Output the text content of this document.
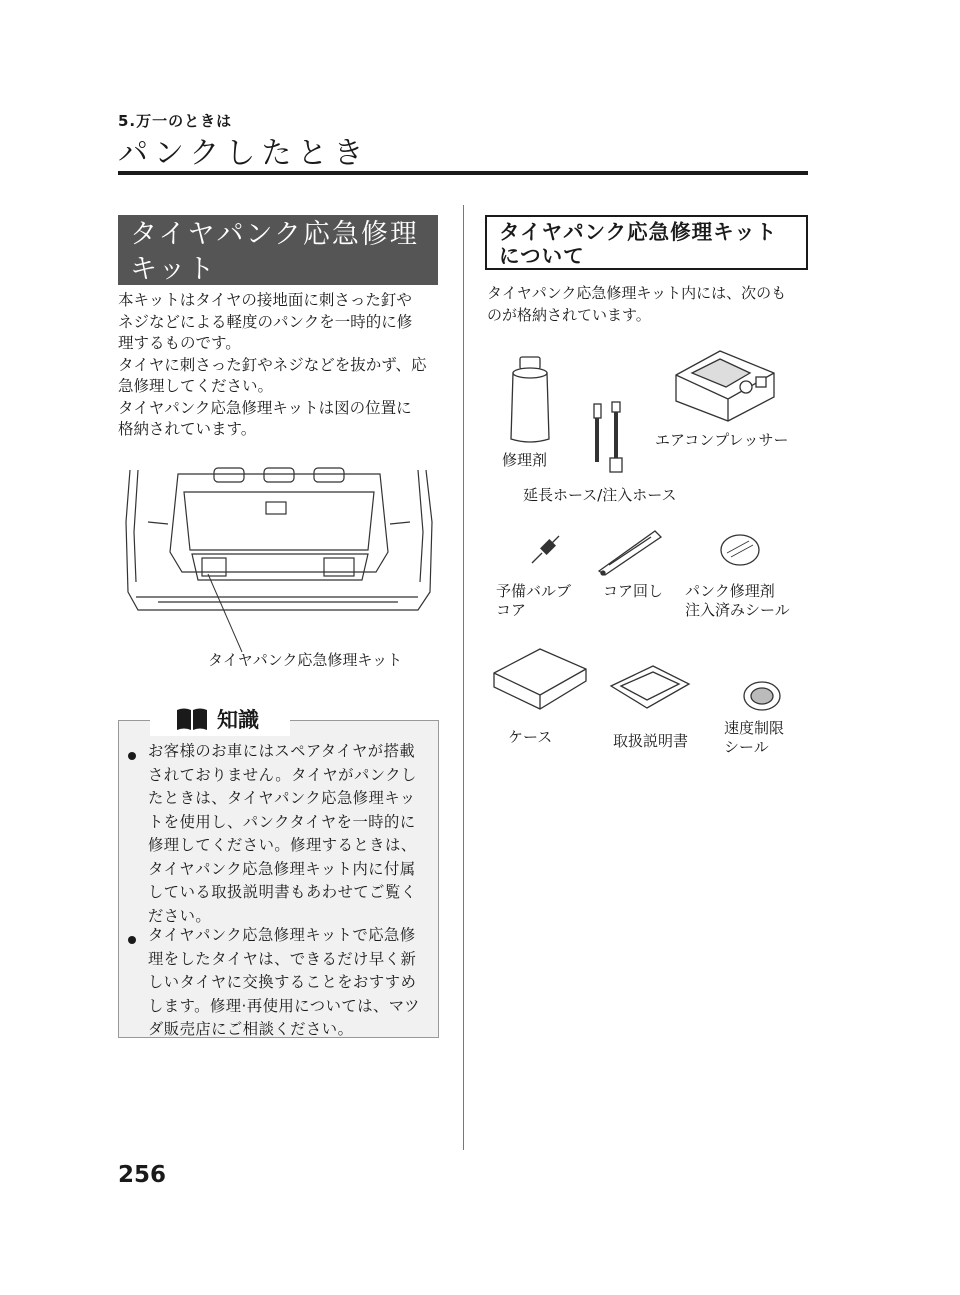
5.万一のときは
パンクしたとき
タイヤパンク応急修理
キット

本キットはタイヤの接地面に刺さった釘や

ネジなどによる軽度のパンクを一時的に修

理するものです。

タイヤに刺さった釘やネジなどを抜かず、応

急修理してください。

タイヤパンク応急修理キットは図の位置に

格納されています。

タイヤパンク応急修理キット
知識
お客様のお車にはスペアタイヤが搭載
されておりません。タイヤがパンクし
たときは、タイヤパンク応急修理キッ
トを使用し、パンクタイヤを一時的に
修理してください。修理するときは、
タイヤパンク応急修理キット内に付属
している取扱説明書もあわせてご覧く
ださい。
タイヤパンク応急修理キットで応急修
理をしたタイヤは、できるだけ早く新
しいタイヤに交換することをおすすめ
します。修理·再使用については、マツ
ダ販売店にご相談ください。
タイヤパンク応急修理キット
について
タイヤパンク応急修理キット内には、次のも
のが格納されています。
修理剤
延長ホース/注入ホース
エアコンプレッサー
予備バルブ
コア
コア回し パンク修理剤
注入済みシール
ケース	取扱説明書
速度制限
シール
256
